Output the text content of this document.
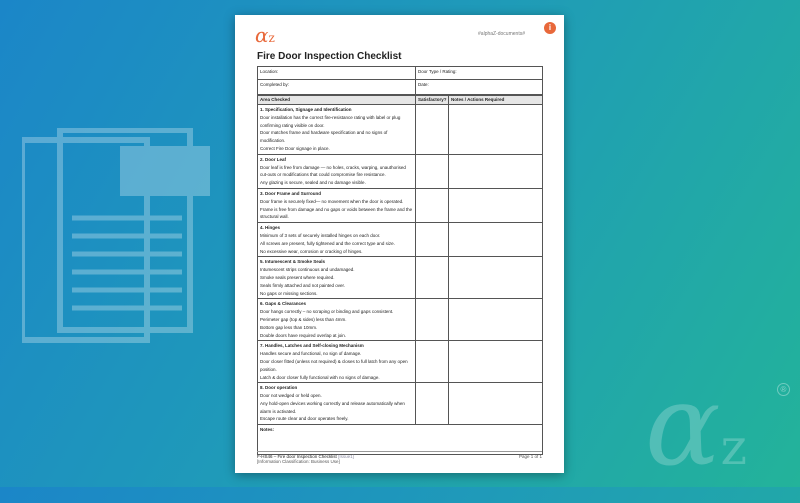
αz
®
αz	#alphaZ-documents#
i
Fire Door Inspection Checklist
Location:	Door Type / Rating:
Completed by:	Date:
Area Checked	Satisfactory?	Notes / Actions Required

1. Specification, Signage and Identification
Door installation has the correct fire-resistance rating with label or plug confirming rating visible on door.
Door matches frame and hardware specification and no signs of modification.
Correct Fire Door signage in place.		

2. Door Leaf
Door leaf is free from damage — no holes, cracks, warping, unauthorised cut-outs or modifications that could compromise fire resistance.
Any glazing is secure, sealed and no damage visible.		

3. Door Frame and Surround
Door frame is securely fixed— no movement when the door is operated.
Frame is free from damage and no gaps or voids between the frame and the structural wall.		

4. Hinges
Minimum of 3 sets of securely installed hinges on each door.
All screws are present, fully tightened and the correct type and size.
No excessive wear, corrosion or cracking of hinges.		

5. Intumescent & Smoke Seals
Intumescent strips continuous and undamaged.
Smoke seals present where required.
Seals firmly attached and not painted over.
No gaps or missing sections.		

6. Gaps & Clearances
Door hangs correctly – no scraping or binding and gaps consistent.
Perimeter gap (top & sides) less than 4mm.
Bottom gap less than 10mm.
Double doors have required overlap at join.		

7. Handles, Latches and Self-closing Mechanism
Handles secure and functional, no sign of damage.
Door closer fitted (unless not required) & closes to full latch from any open position.
Latch & door closer fully functional with no signs of damage.		

8. Door operation
Door not wedged or held open.
Any hold-open devices working correctly and release automatically when alarm is activated.
Escape route clear and door operates freely.		

Notes:		
F-HS46 – Fire door Inspection Checklist [Issue1]	Page 1 of 1
[Information Classification: Business Use]
